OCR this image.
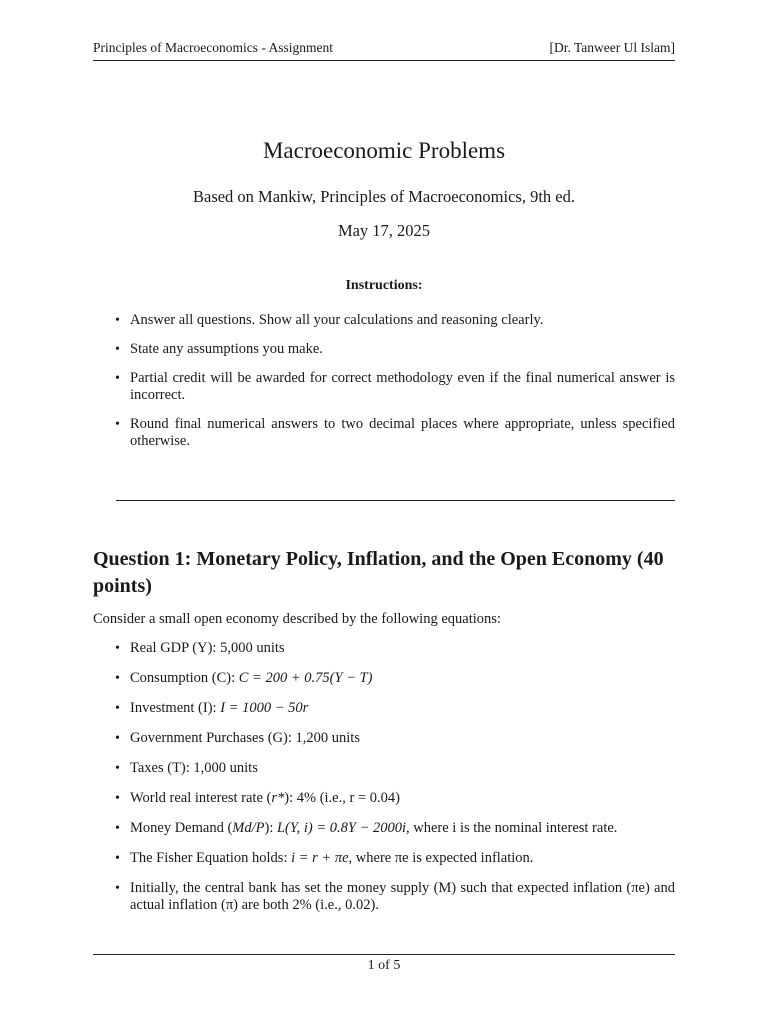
Principles of Macroeconomics - Assignment	[Dr. Tanweer Ul Islam]
Macroeconomic Problems
Based on Mankiw, Principles of Macroeconomics, 9th ed.
May 17, 2025
Instructions:
• Answer all questions. Show all your calculations and reasoning clearly.
• State any assumptions you make.
• Partial credit will be awarded for correct methodology even if the final numerical answer is incorrect.
• Round final numerical answers to two decimal places where appropriate, unless specified otherwise.
Question 1: Monetary Policy, Inflation, and the Open Economy (40 points)
Consider a small open economy described by the following equations:
• Real GDP (Y): 5,000 units
• Consumption (C): C = 200 + 0.75(Y − T)
• Investment (I): I = 1000 − 50r
• Government Purchases (G): 1,200 units
• Taxes (T): 1,000 units
• World real interest rate (r*): 4% (i.e., r = 0.04)
• Money Demand (Md/P): L(Y, i) = 0.8Y − 2000i, where i is the nominal interest rate.
• The Fisher Equation holds: i = r + πe, where πe is expected inflation.
• Initially, the central bank has set the money supply (M) such that expected inflation (πe) and actual inflation (π) are both 2% (i.e., 0.02).
1 of 5
